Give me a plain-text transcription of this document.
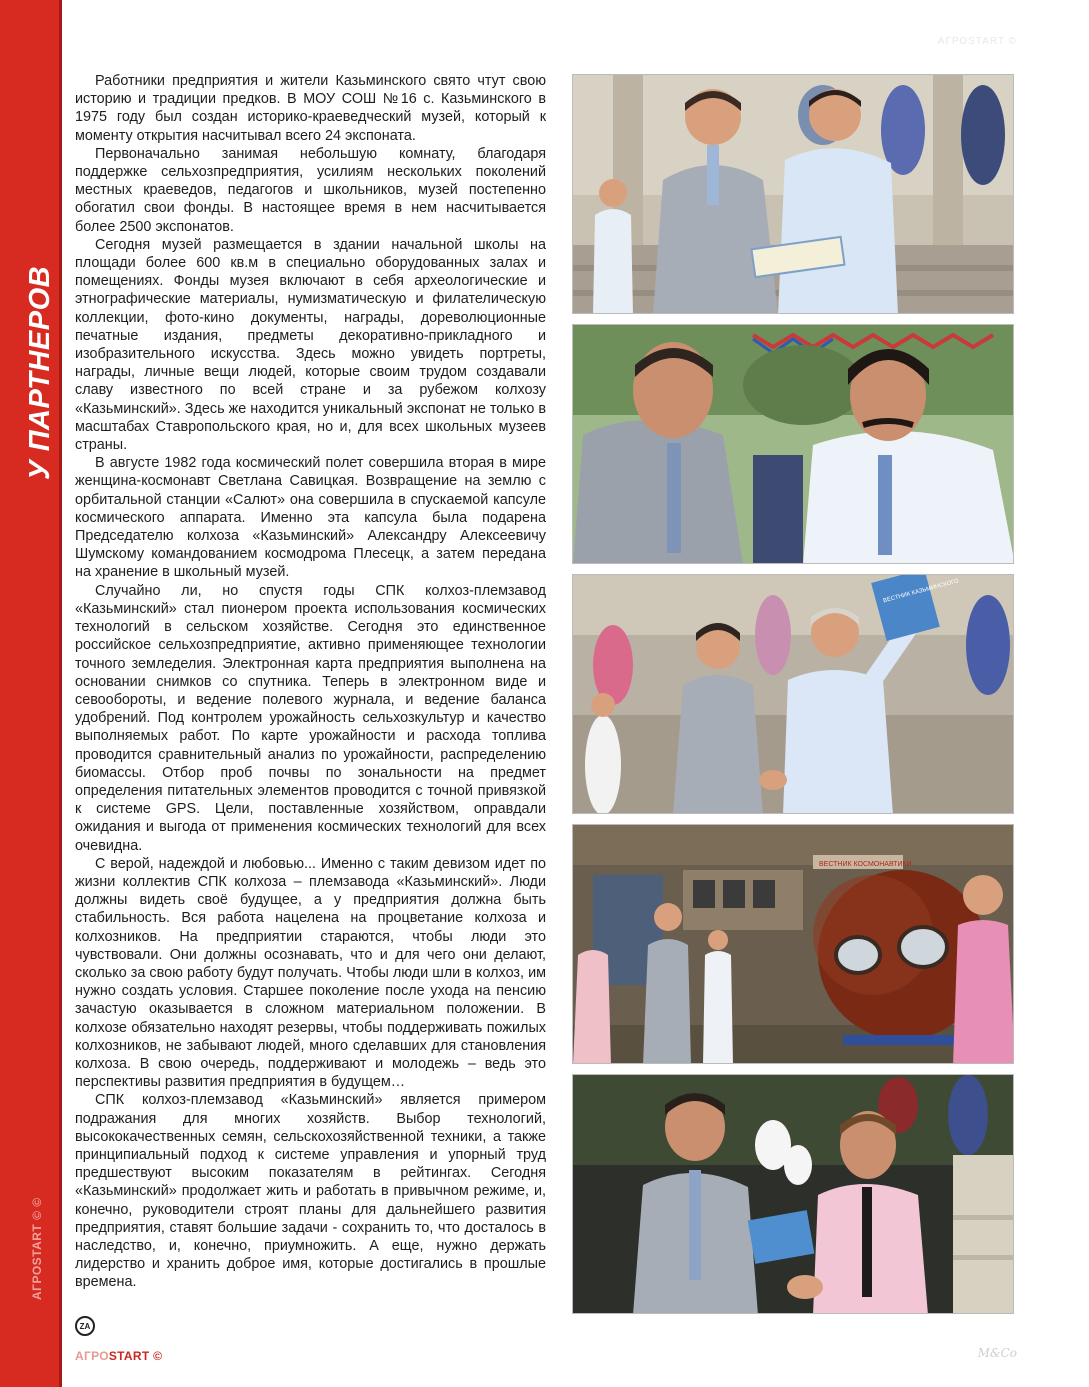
У ПАРТНЕРОВ
АГРОSTART © ©
АГРОSTART ©

Работники предприятия и жители Казьминского свято чтут свою историю и традиции предков. В МОУ СОШ №16 с. Казьминского в 1975 году был создан историко-краеведческий музей, который к моменту открытия насчитывал всего 24 экспоната.

Первоначально занимая небольшую комнату, благодаря поддержке сельхозпредприятия, усилиям нескольких поколений местных краеведов, педагогов и школьников, музей постепенно обогатил свои фонды. В настоящее время в нем насчитывается более 2500 экспонатов.

Сегодня музей размещается в здании начальной школы на площади более 600 кв.м в специально оборудованных залах и помещениях. Фонды музея включают в себя археологические и этнографические материалы, нумизматическую и филателическую коллекции, фото-кино документы, награды, дореволюционные печатные издания, предметы декоративно-прикладного и изобразительного искусства. Здесь можно увидеть портреты, награды, личные вещи людей, которые своим трудом создавали славу известного по всей стране и за рубежом колхозу «Казьминский». Здесь же находится уникальный экспонат не только в масштабах Ставропольского края, но и, для всех школьных музеев страны.

В августе 1982 года космический полет совершила вторая в мире женщина-космонавт Светлана Савицкая. Возвращение на землю с орбитальной станции «Салют» она совершила в спускаемой капсуле космического аппарата. Именно эта капсула была подарена Председателю колхоза «Казьминский» Александру Алексеевичу Шумскому командованием космодрома Плесецк, а затем передана на хранение в школьный музей.

Случайно ли, но спустя годы СПК колхоз-племзавод «Казьминский» стал пионером проекта использования космических технологий в сельском хозяйстве. Сегодня это единственное российское сельхозпредприятие, активно применяющее технологии точного земледелия. Электронная карта предприятия выполнена на основании снимков со спутника. Теперь в электронном виде и севообороты, и ведение полевого журнала, и ведение баланса удобрений. Под контролем урожайность сельхозкультур и качество выполняемых работ. По карте урожайности и расхода топлива проводится сравнительный анализ по урожайности, распределению биомассы. Отбор проб почвы по зональности на предмет определения питательных элементов проводится с точной привязкой к системе GPS. Цели, поставленные хозяйством, оправдали ожидания и выгода от применения космических технологий для всех очевидна.

С верой, надеждой и любовью... Именно с таким девизом идет по жизни коллектив СПК колхоза – племзавода «Казьминский». Люди должны видеть своё будущее, а у предприятия должна быть стабильность. Вся работа нацелена на процветание колхоза и колхозников. На предприятии стараются, чтобы люди это чувствовали. Они должны осознавать, что и для чего они делают, сколько за свою работу будут получать. Чтобы люди шли в колхоз, им нужно создать условия. Старшее поколение после ухода на пенсию зачастую оказывается в сложном материальном положении. В колхозе обязательно находят резервы, чтобы поддерживать пожилых колхозников, не забывают людей, много сделавших для становления колхоза. В свою очередь, поддерживают и молодежь – ведь это перспективы развития предприятия в будущем…

СПК колхоз-племзавод «Казьминский» является примером подражания для многих хозяйств. Выбор технологий, высококачественных семян, сельскохозяйственной техники, а также принципиальный подход к системе управления и упорный труд предшествуют высоким показателям в рейтингах. Сегодня «Казьминский» продолжает жить и работать в привычном режиме, и, конечно, руководители строят планы для дальнейшего развития предприятия, ставят большие задачи - сохранить то, что досталось в наследство, и, конечно, приумножить. А еще, нужно держать лидерство и хранить доброе имя, которые достигались в прошлые времена.

ВЕСТНИК КАЗЬМИНСКОГО
ВЕСТНИК КОСМОНАВТИКИ
ZA
АГРОSTART ©	M&Co
